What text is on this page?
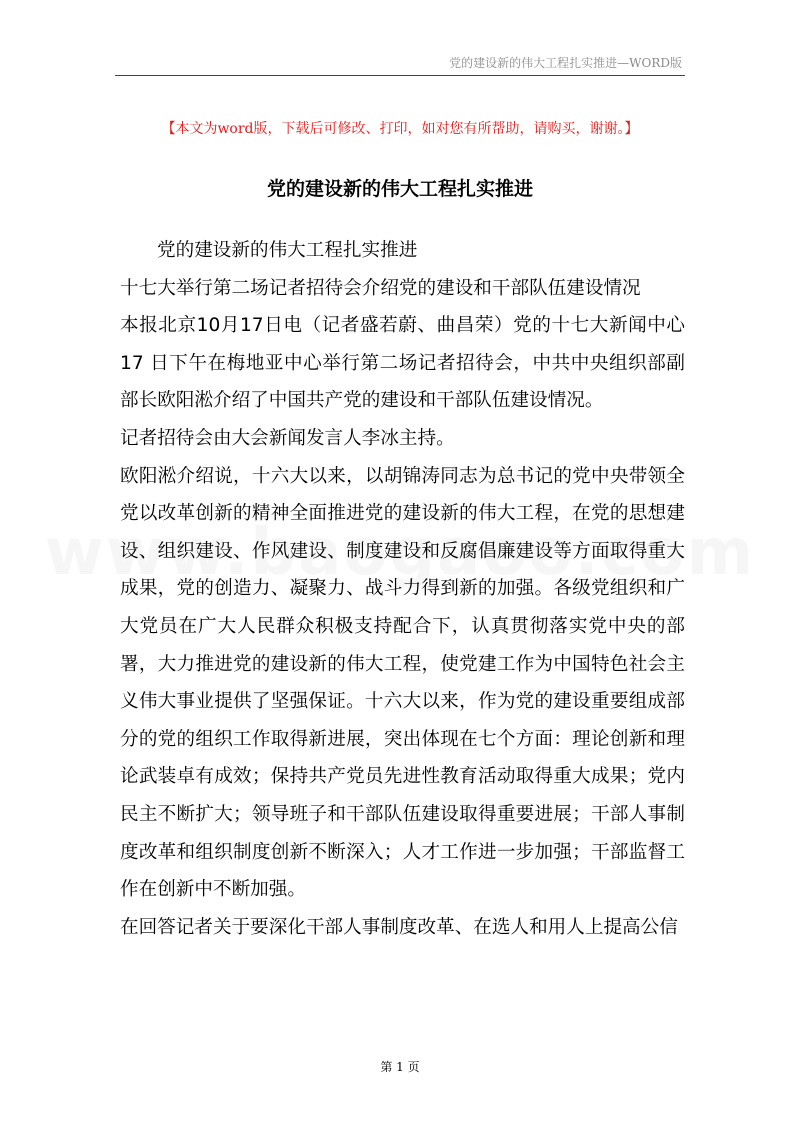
党的建设新的伟大工程扎实推进—WORD版
【本文为word版，下载后可修改、打印，如对您有所帮助，请购买，谢谢。】
党的建设新的伟大工程扎实推进

党的建设新的伟大工程扎实推进

十七大举行第二场记者招待会介绍党的建设和干部队伍建设情况

本报北京10月17日电（记者盛若蔚、曲昌荣）党的十七大新闻中心17 日下午在梅地亚中心举行第二场记者招待会，中共中央组织部副部长欧阳淞介绍了中国共产党的建设和干部队伍建设情况。

记者招待会由大会新闻发言人李冰主持。

欧阳淞介绍说，十六大以来，以胡锦涛同志为总书记的党中央带领全党以改革创新的精神全面推进党的建设新的伟大工程，在党的思想建设、组织建设、作风建设、制度建设和反腐倡廉建设等方面取得重大成果，党的创造力、凝聚力、战斗力得到新的加强。各级党组织和广大党员在广大人民群众积极支持配合下，认真贯彻落实党中央的部署，大力推进党的建设新的伟大工程，使党建工作为中国特色社会主义伟大事业提供了坚强保证。十六大以来，作为党的建设重要组成部分的党的组织工作取得新进展，突出体现在七个方面：理论创新和理论武装卓有成效；保持共产党员先进性教育活动取得重大成果；党内民主不断扩大；领导班子和干部队伍建设取得重要进展；干部人事制度改革和组织制度创新不断深入；人才工作进一步加强；干部监督工作在创新中不断加强。

在回答记者关于要深化干部人事制度改革、在选人和用人上提高公信

第 1 页
